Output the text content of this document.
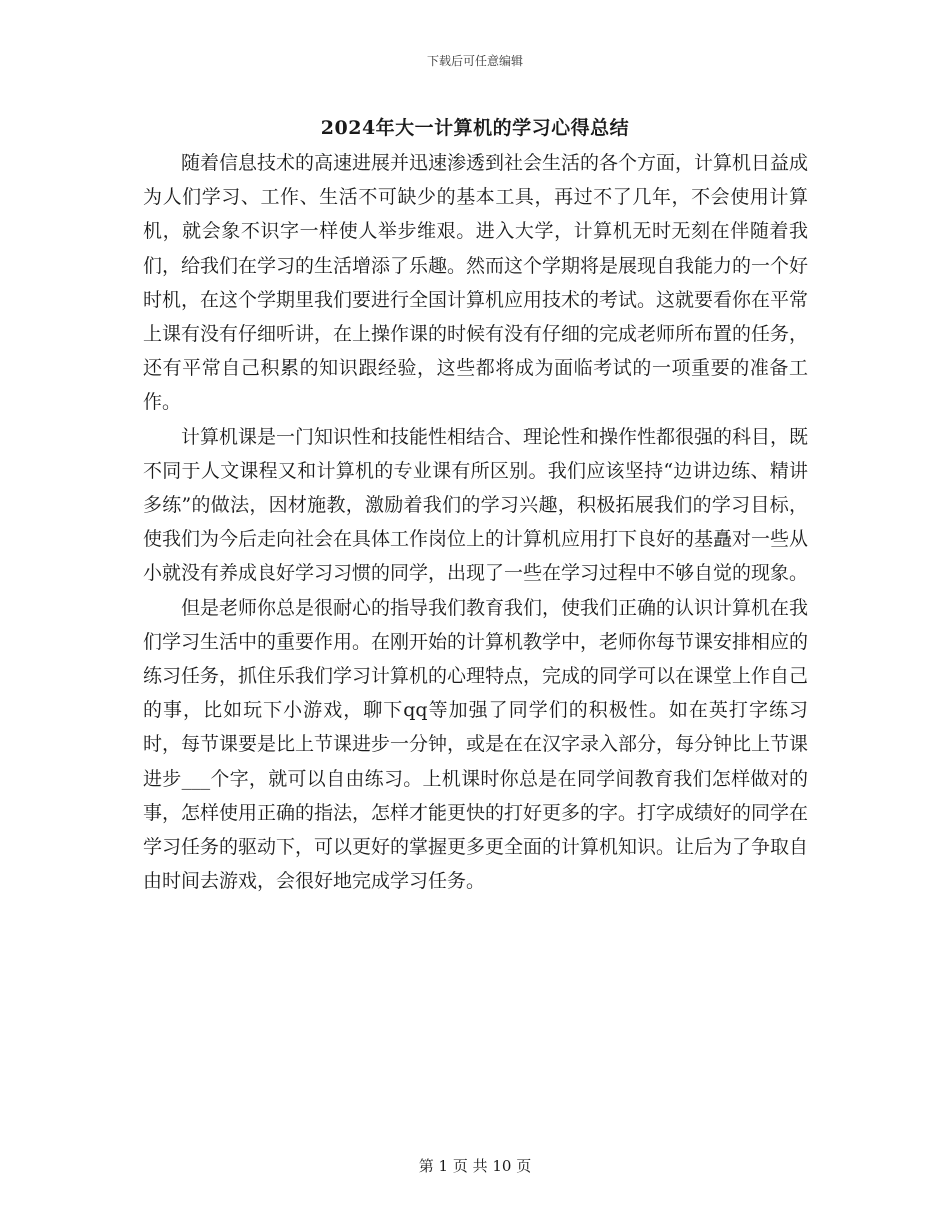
下载后可任意编辑
2024年大一计算机的学习心得总结

随着信息技术的高速进展并迅速渗透到社会生活的各个方面，计算机日益成为人们学习、工作、生活不可缺少的基本工具，再过不了几年，不会使用计算机，就会象不识字一样使人举步维艰。进入大学，计算机无时无刻在伴随着我们，给我们在学习的生活增添了乐趣。然而这个学期将是展现自我能力的一个好时机，在这个学期里我们要进行全国计算机应用技术的考试。这就要看你在平常上课有没有仔细听讲，在上操作课的时候有没有仔细的完成老师所布置的任务，还有平常自己积累的知识跟经验，这些都将成为面临考试的一项重要的准备工作。

计算机课是一门知识性和技能性相结合、理论性和操作性都很强的科目，既不同于人文课程又和计算机的专业课有所区别。我们应该坚持“边讲边练、精讲多练”的做法，因材施教，激励着我们的学习兴趣，积极拓展我们的学习目标，使我们为今后走向社会在具体工作岗位上的计算机应用打下良好的基矗对一些从小就没有养成良好学习习惯的同学，出现了一些在学习过程中不够自觉的现象。

但是老师你总是很耐心的指导我们教育我们，使我们正确的认识计算机在我们学习生活中的重要作用。在刚开始的计算机教学中，老师你每节课安排相应的练习任务，抓住乐我们学习计算机的心理特点，完成的同学可以在课堂上作自己的事，比如玩下小游戏，聊下qq等加强了同学们的积极性。如在英打字练习时，每节课要是比上节课进步一分钟，或是在在汉字录入部分，每分钟比上节课进步___个字，就可以自由练习。上机课时你总是在同学间教育我们怎样做对的事，怎样使用正确的指法，怎样才能更快的打好更多的字。打字成绩好的同学在学习任务的驱动下，可以更好的掌握更多更全面的计算机知识。让后为了争取自由时间去游戏，会很好地完成学习任务。

第 1 页 共 10 页
